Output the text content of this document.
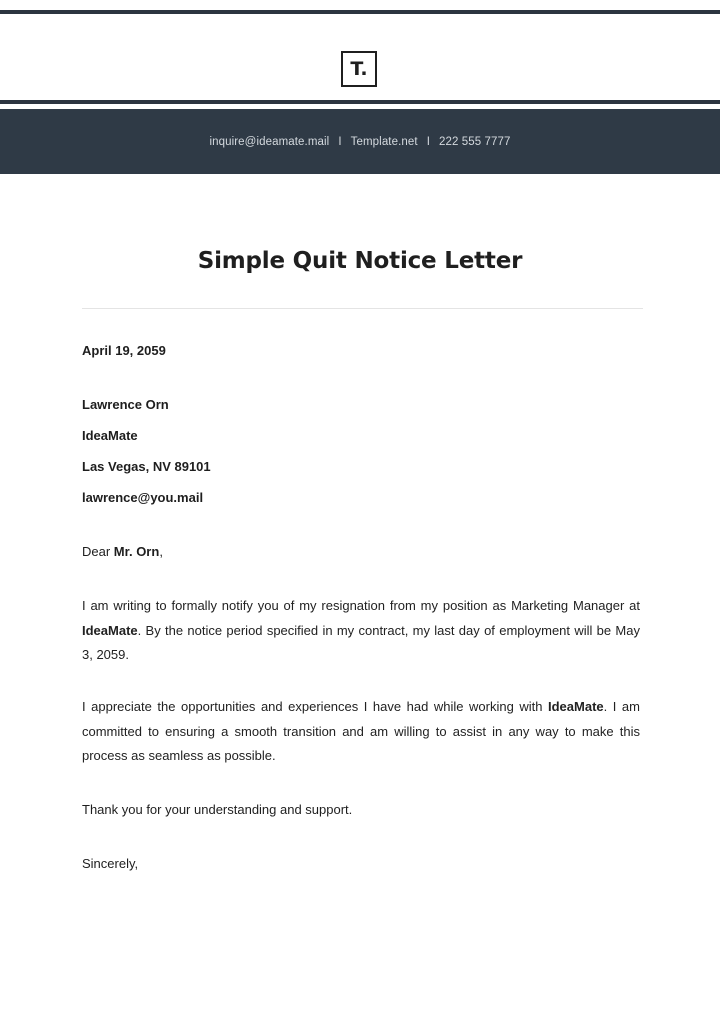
T.
inquire@ideamate.mail I Template.net I 222 555 7777
Simple Quit Notice Letter
April 19, 2059
Lawrence Orn
IdeaMate
Las Vegas, NV 89101
lawrence@you.mail
Dear Mr. Orn,
I am writing to formally notify you of my resignation from my position as Marketing Manager at IdeaMate. By the notice period specified in my contract, my last day of employment will be May 3, 2059.
I appreciate the opportunities and experiences I have had while working with IdeaMate. I am committed to ensuring a smooth transition and am willing to assist in any way to make this process as seamless as possible.
Thank you for your understanding and support.
Sincerely,
